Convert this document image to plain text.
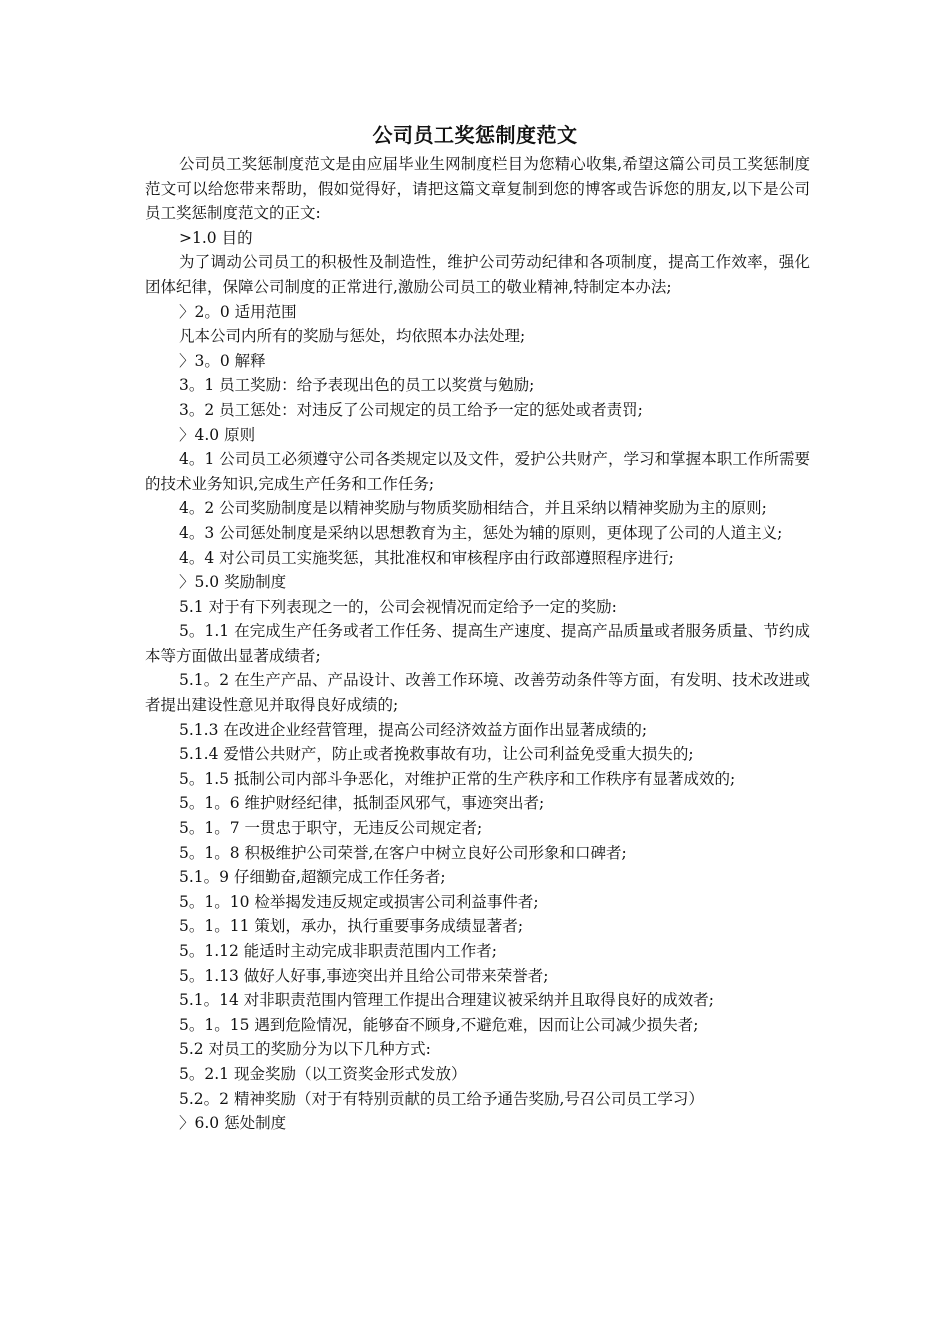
公司员工奖惩制度范文

公司员工奖惩制度范文是由应届毕业生网制度栏目为您精心收集,希望这篇公司员工奖惩制度范文可以给您带来帮助，假如觉得好，请把这篇文章复制到您的博客或告诉您的朋友,以下是公司员工奖惩制度范文的正文:

>1.0 目的

为了调动公司员工的积极性及制造性，维护公司劳动纪律和各项制度，提高工作效率，强化团体纪律，保障公司制度的正常进行,激励公司员工的敬业精神,特制定本办法;

〉2。0 适用范围

凡本公司内所有的奖励与惩处，均依照本办法处理;

〉3。0 解释

3。1 员工奖励：给予表现出色的员工以奖赏与勉励;

3。2 员工惩处：对违反了公司规定的员工给予一定的惩处或者责罚;

〉4.0 原则

4。1 公司员工必须遵守公司各类规定以及文件，爱护公共财产，学习和掌握本职工作所需要的技术业务知识,完成生产任务和工作任务;

4。2 公司奖励制度是以精神奖励与物质奖励相结合，并且采纳以精神奖励为主的原则;

4。3 公司惩处制度是采纳以思想教育为主，惩处为辅的原则，更体现了公司的人道主义;

4。4 对公司员工实施奖惩，其批准权和审核程序由行政部遵照程序进行;

〉5.0 奖励制度

5.1 对于有下列表现之一的，公司会视情况而定给予一定的奖励:

5。1.1 在完成生产任务或者工作任务、提高生产速度、提高产品质量或者服务质量、节约成本等方面做出显著成绩者;

5.1。2 在生产产品、产品设计、改善工作环境、改善劳动条件等方面，有发明、技术改进或者提出建设性意见并取得良好成绩的;

5.1.3 在改进企业经营管理，提高公司经济效益方面作出显著成绩的;

5.1.4 爱惜公共财产，防止或者挽救事故有功，让公司利益免受重大损失的;

5。1.5 抵制公司内部斗争恶化，对维护正常的生产秩序和工作秩序有显著成效的;

5。1。6 维护财经纪律，抵制歪风邪气，事迹突出者;

5。1。7 一贯忠于职守，无违反公司规定者;

5。1。8 积极维护公司荣誉,在客户中树立良好公司形象和口碑者;

5.1。9 仔细勤奋,超额完成工作任务者;

5。1。10 检举揭发违反规定或损害公司利益事件者;

5。1。11 策划，承办，执行重要事务成绩显著者;

5。1.12 能适时主动完成非职责范围内工作者;

5。1.13 做好人好事,事迹突出并且给公司带来荣誉者;

5.1。14 对非职责范围内管理工作提出合理建议被采纳并且取得良好的成效者;

5。1。15 遇到危险情况，能够奋不顾身,不避危难，因而让公司减少损失者;

5.2 对员工的奖励分为以下几种方式:

5。2.1 现金奖励（以工资奖金形式发放）

5.2。2 精神奖励（对于有特别贡献的员工给予通告奖励,号召公司员工学习）

〉6.0 惩处制度
